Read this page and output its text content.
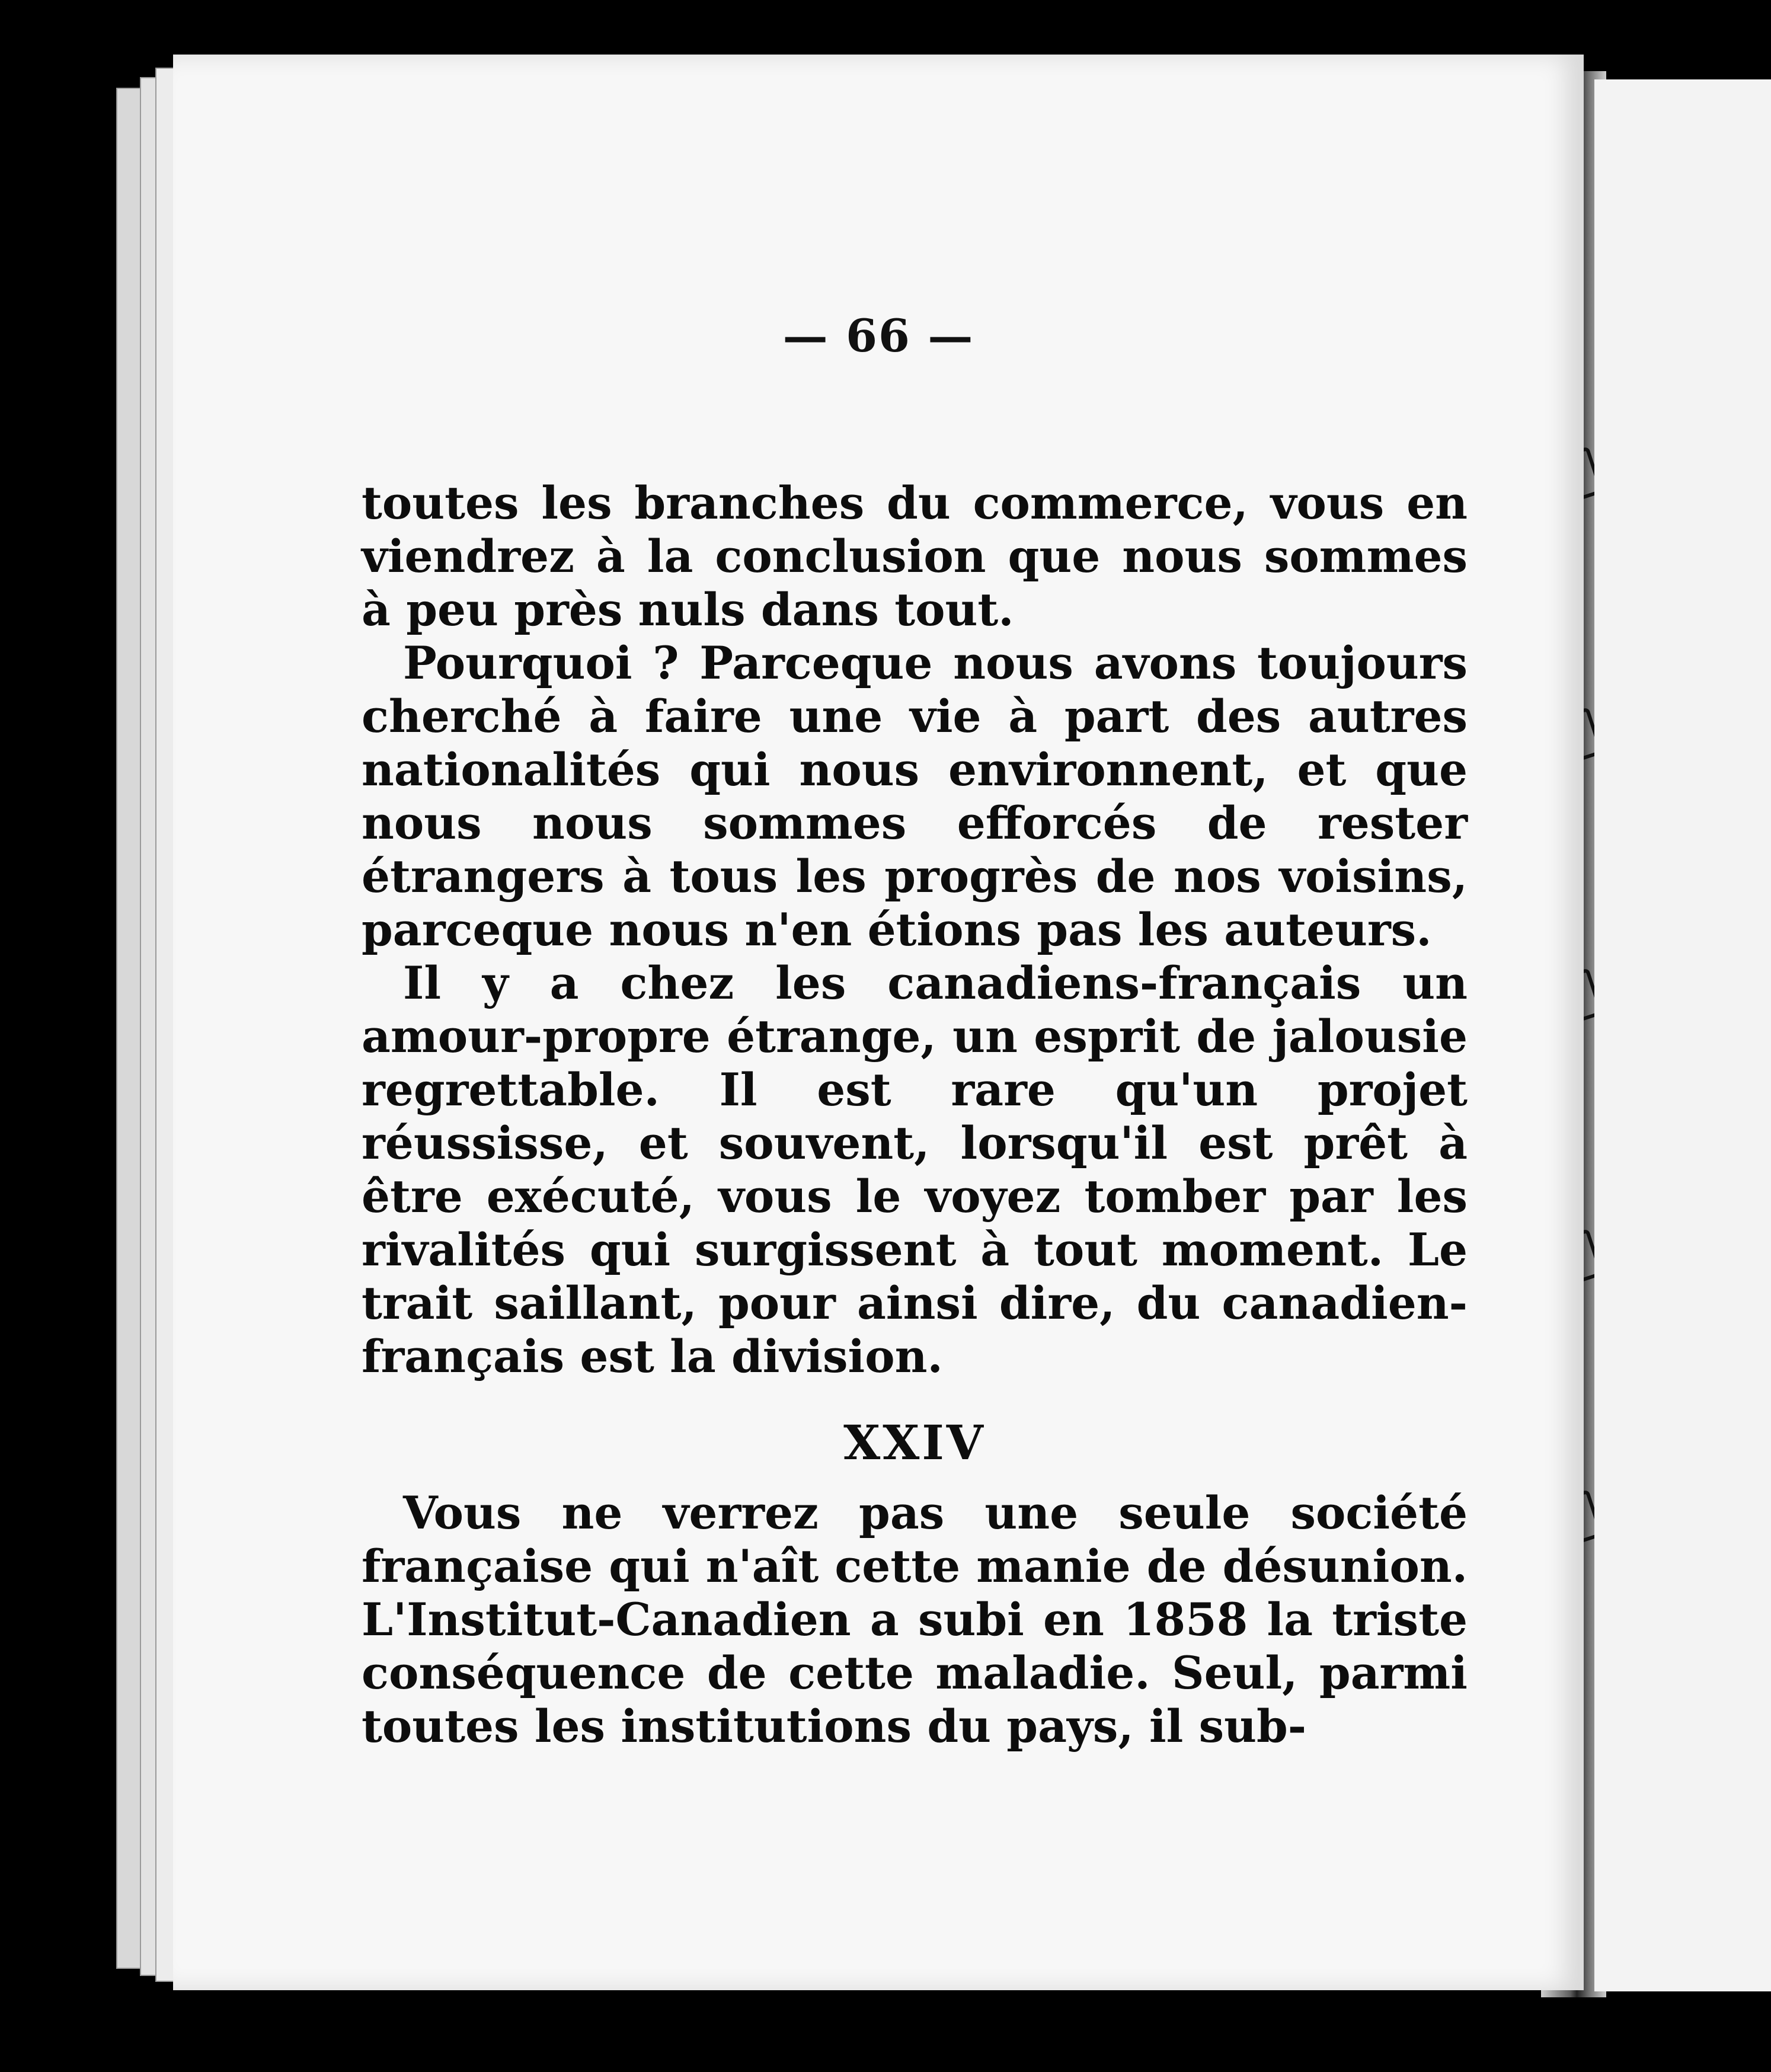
— 66 —

toutes les branches du commerce, vous en viendrez à la conclusion que nous sommes à peu près nuls dans tout.

Pourquoi ? Parceque nous avons toujours cherché à faire une vie à part des autres nationalités qui nous environnent, et que nous nous sommes efforcés de rester étrangers à tous les progrès de nos voisins, parceque nous n'en étions pas les auteurs.

Il y a chez les canadiens-français un amour-propre étrange, un esprit de jalousie regrettable. Il est rare qu'un projet réussisse, et souvent, lorsqu'il est prêt à être exécuté, vous le voyez tomber par les rivalités qui surgissent à tout moment. Le trait saillant, pour ainsi dire, du canadien-français est la division.

XXIV

Vous ne verrez pas une seule société française qui n'aît cette manie de désunion. L'Institut-Canadien a subi en 1858 la triste conséquence de cette maladie. Seul, parmi toutes les institutions du pays, il sub-
